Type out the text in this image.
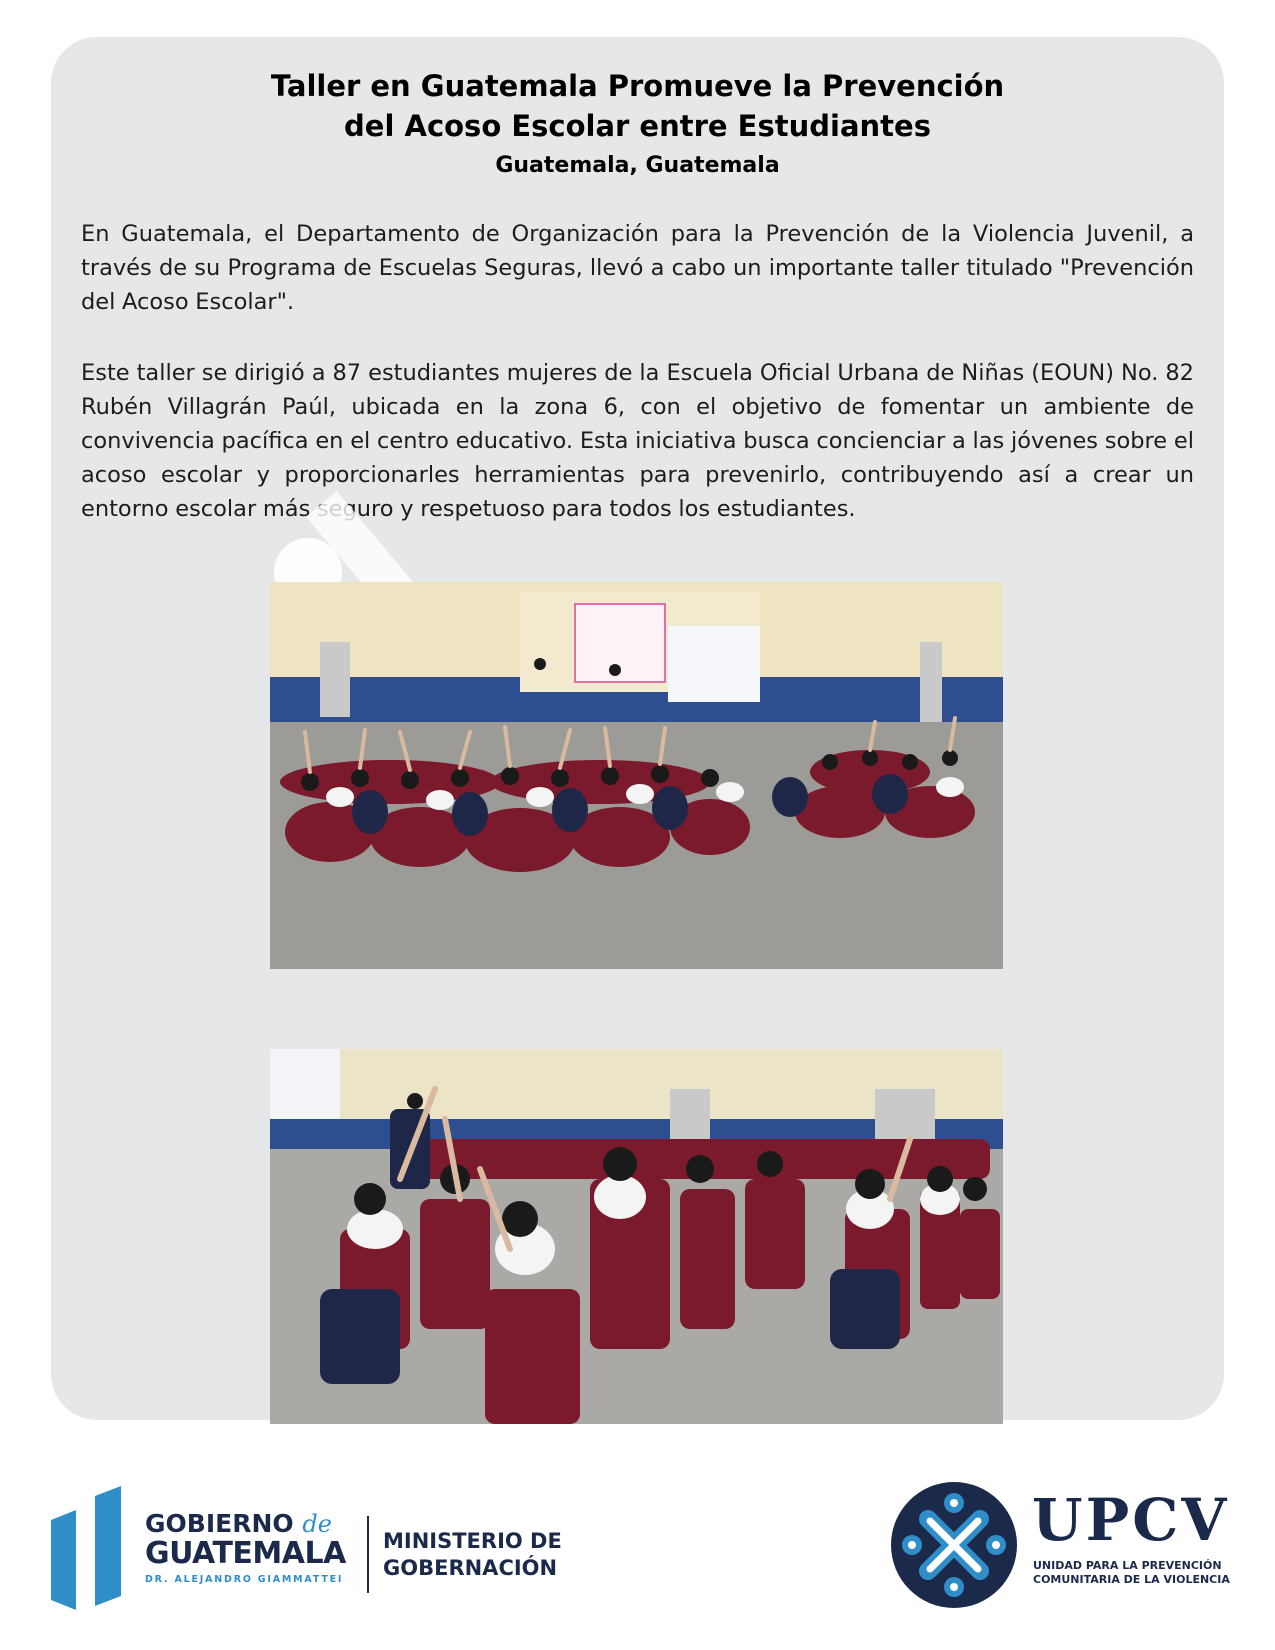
Taller en Guatemala Promueve la Prevención
del Acoso Escolar entre Estudiantes
Guatemala, Guatemala

En Guatemala, el Departamento de Organización para la Prevención de la Violencia Juvenil, a través de su Programa de Escuelas Seguras, llevó a cabo un importante taller titulado "Prevención del Acoso Escolar".

Este taller se dirigió a 87 estudiantes mujeres de la Escuela Oficial Urbana de Niñas (EOUN) No. 82 Rubén Villagrán Paúl, ubicada en la zona 6, con el objetivo de fomentar un ambiente de convivencia pacífica en el centro educativo. Esta iniciativa busca concienciar a las jóvenes sobre el acoso escolar y proporcionarles herramientas para prevenirlo, contribuyendo así a crear un entorno escolar más seguro y respetuoso para todos los estudiantes.

GOBIERNO de
GUATEMALA
DR. ALEJANDRO GIAMMATTEI
MINISTERIO DE
GOBERNACIÓN
UPCV
UNIDAD PARA LA PREVENCIÓN
COMUNITARIA DE LA VIOLENCIA
